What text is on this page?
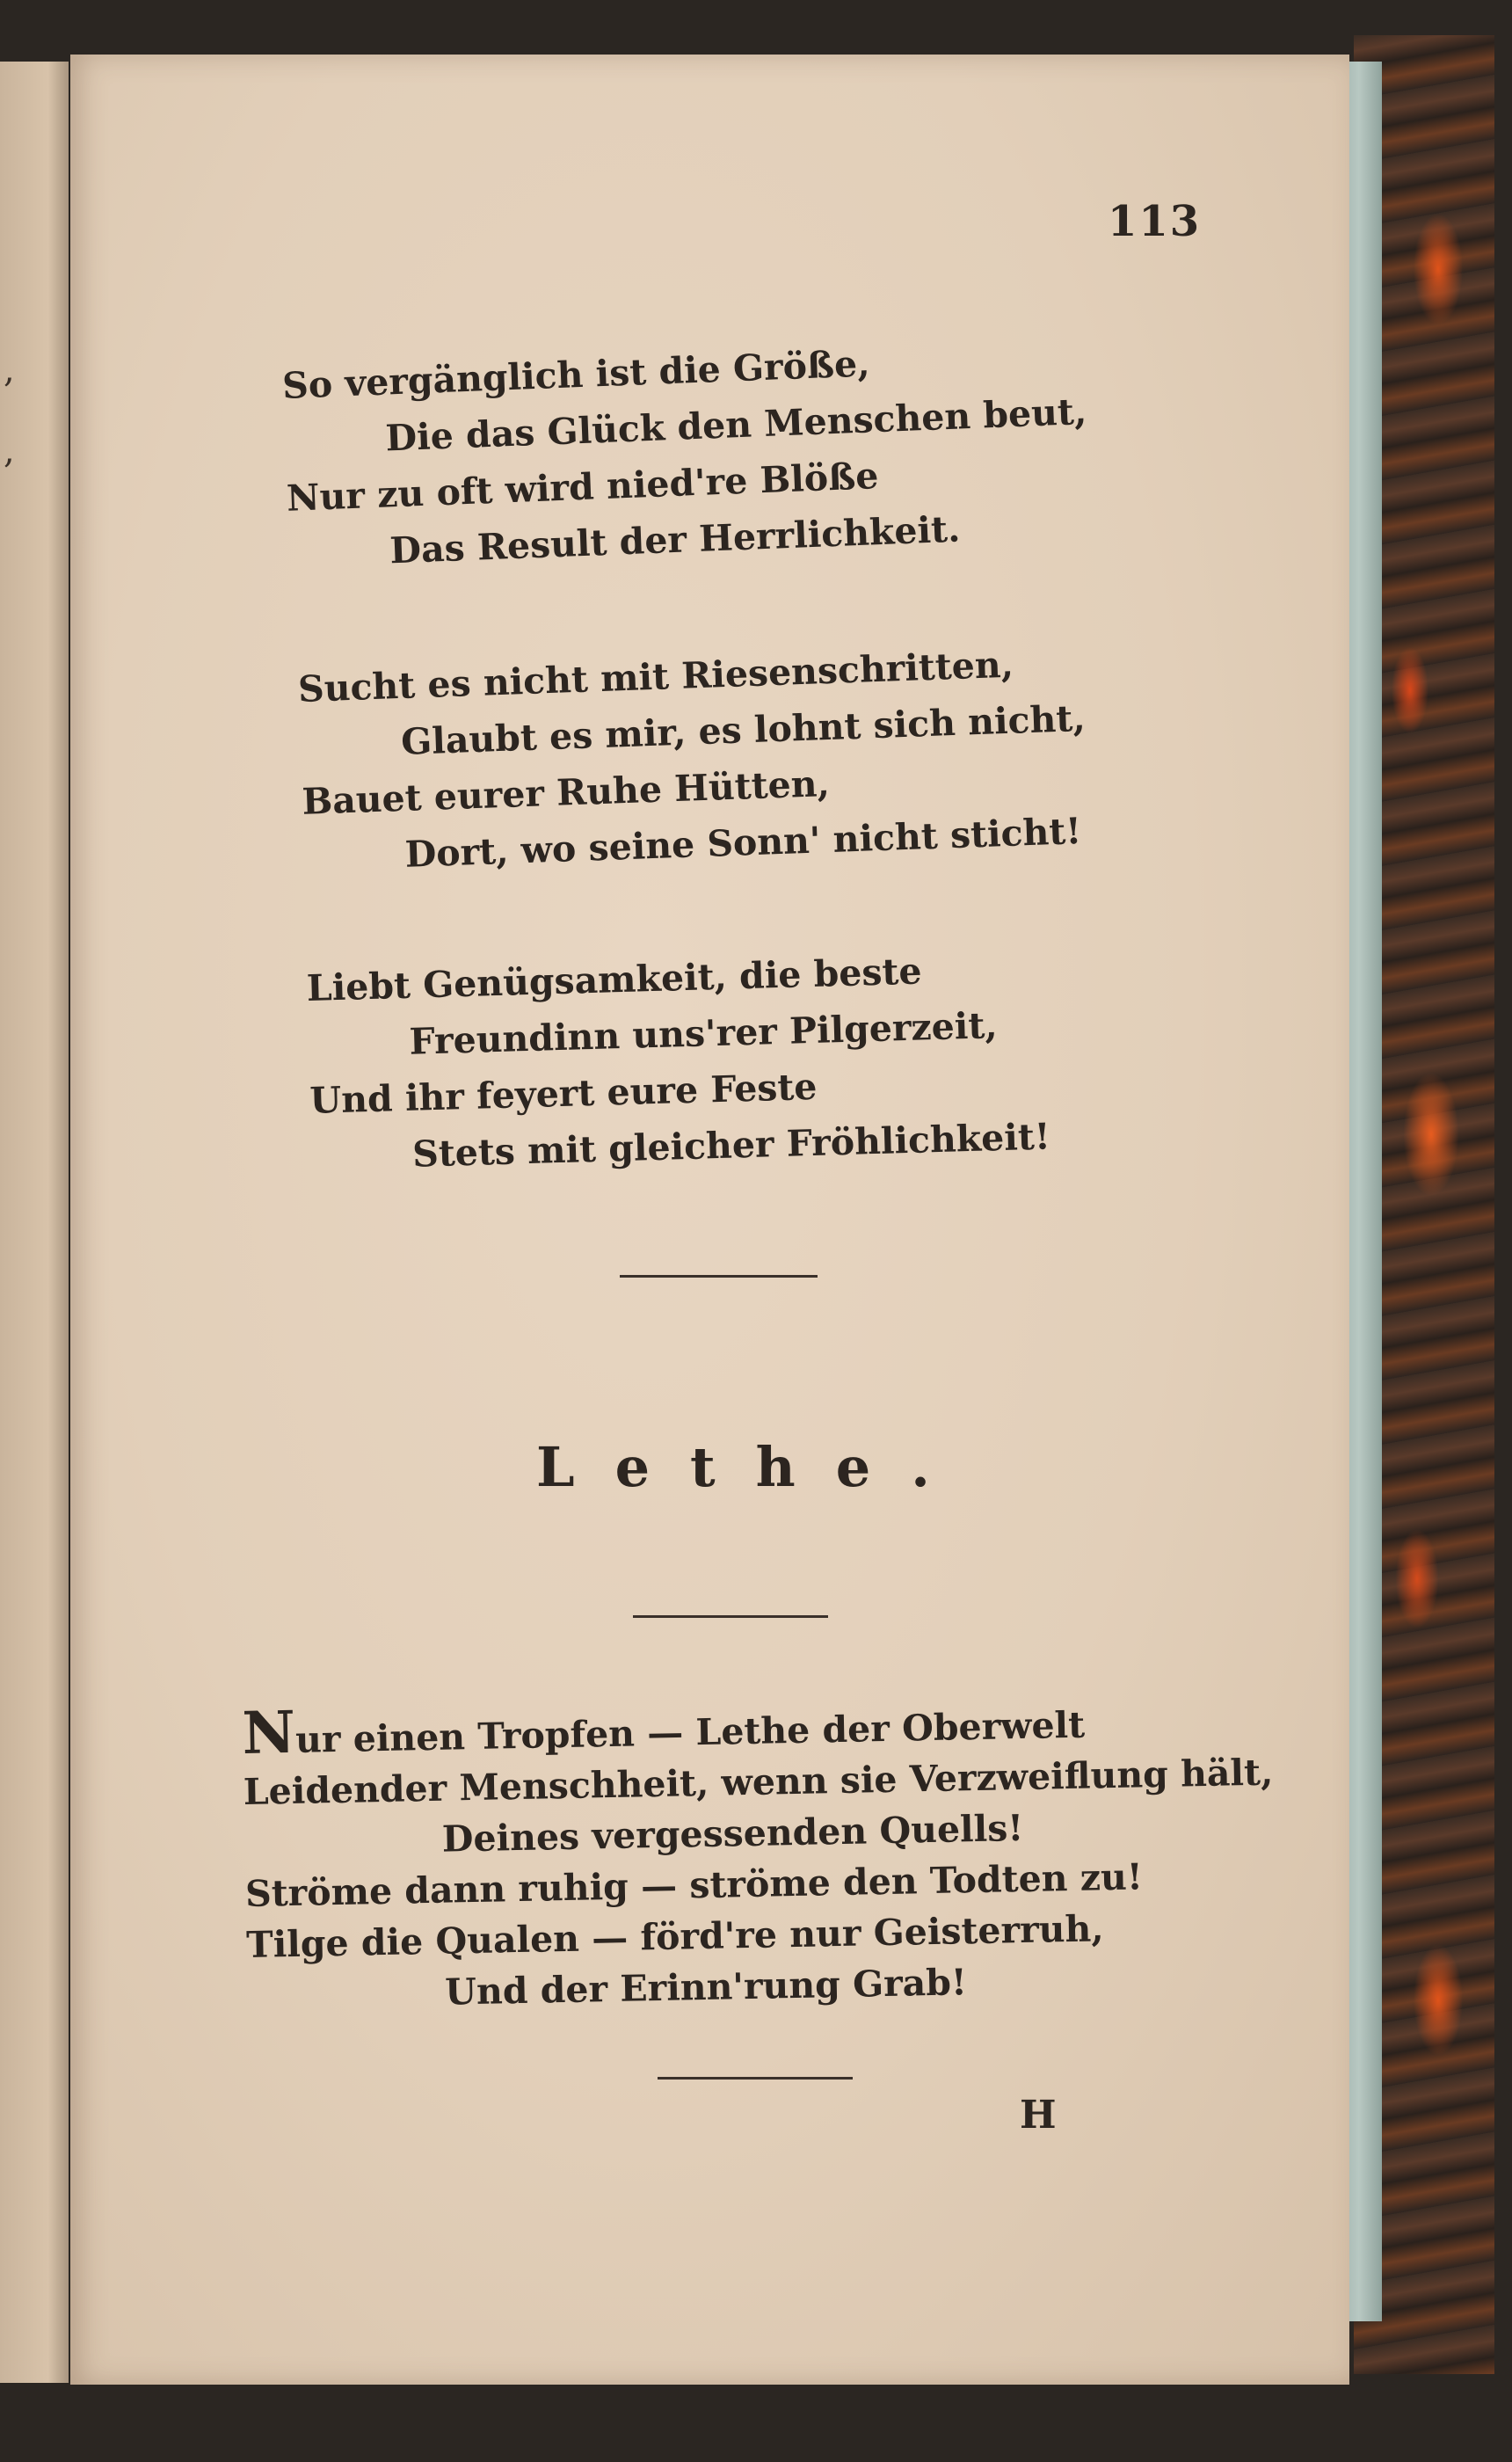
,
,
113
So vergänglich ist die Größe,
Die das Glück den Menschen beut,
Nur zu oft wird nied're Blöße
Das Result der Herrlichkeit.
Sucht es nicht mit Riesenschritten,
Glaubt es mir, es lohnt sich nicht,
Bauet eurer Ruhe Hütten,
Dort, wo seine Sonn' nicht sticht!
Liebt Genügsamkeit, die beste
Freundinn uns'rer Pilgerzeit,
Und ihr feyert eure Feste
Stets mit gleicher Fröhlichkeit!
Lethe.
Nur einen Tropfen — Lethe der Oberwelt
Leidender Menschheit, wenn sie Verzweiflung hält,
Deines vergessenden Quells!
Ströme dann ruhig — ströme den Todten zu!
Tilge die Qualen — förd're nur Geisterruh,
Und der Erinn'rung Grab!
H
